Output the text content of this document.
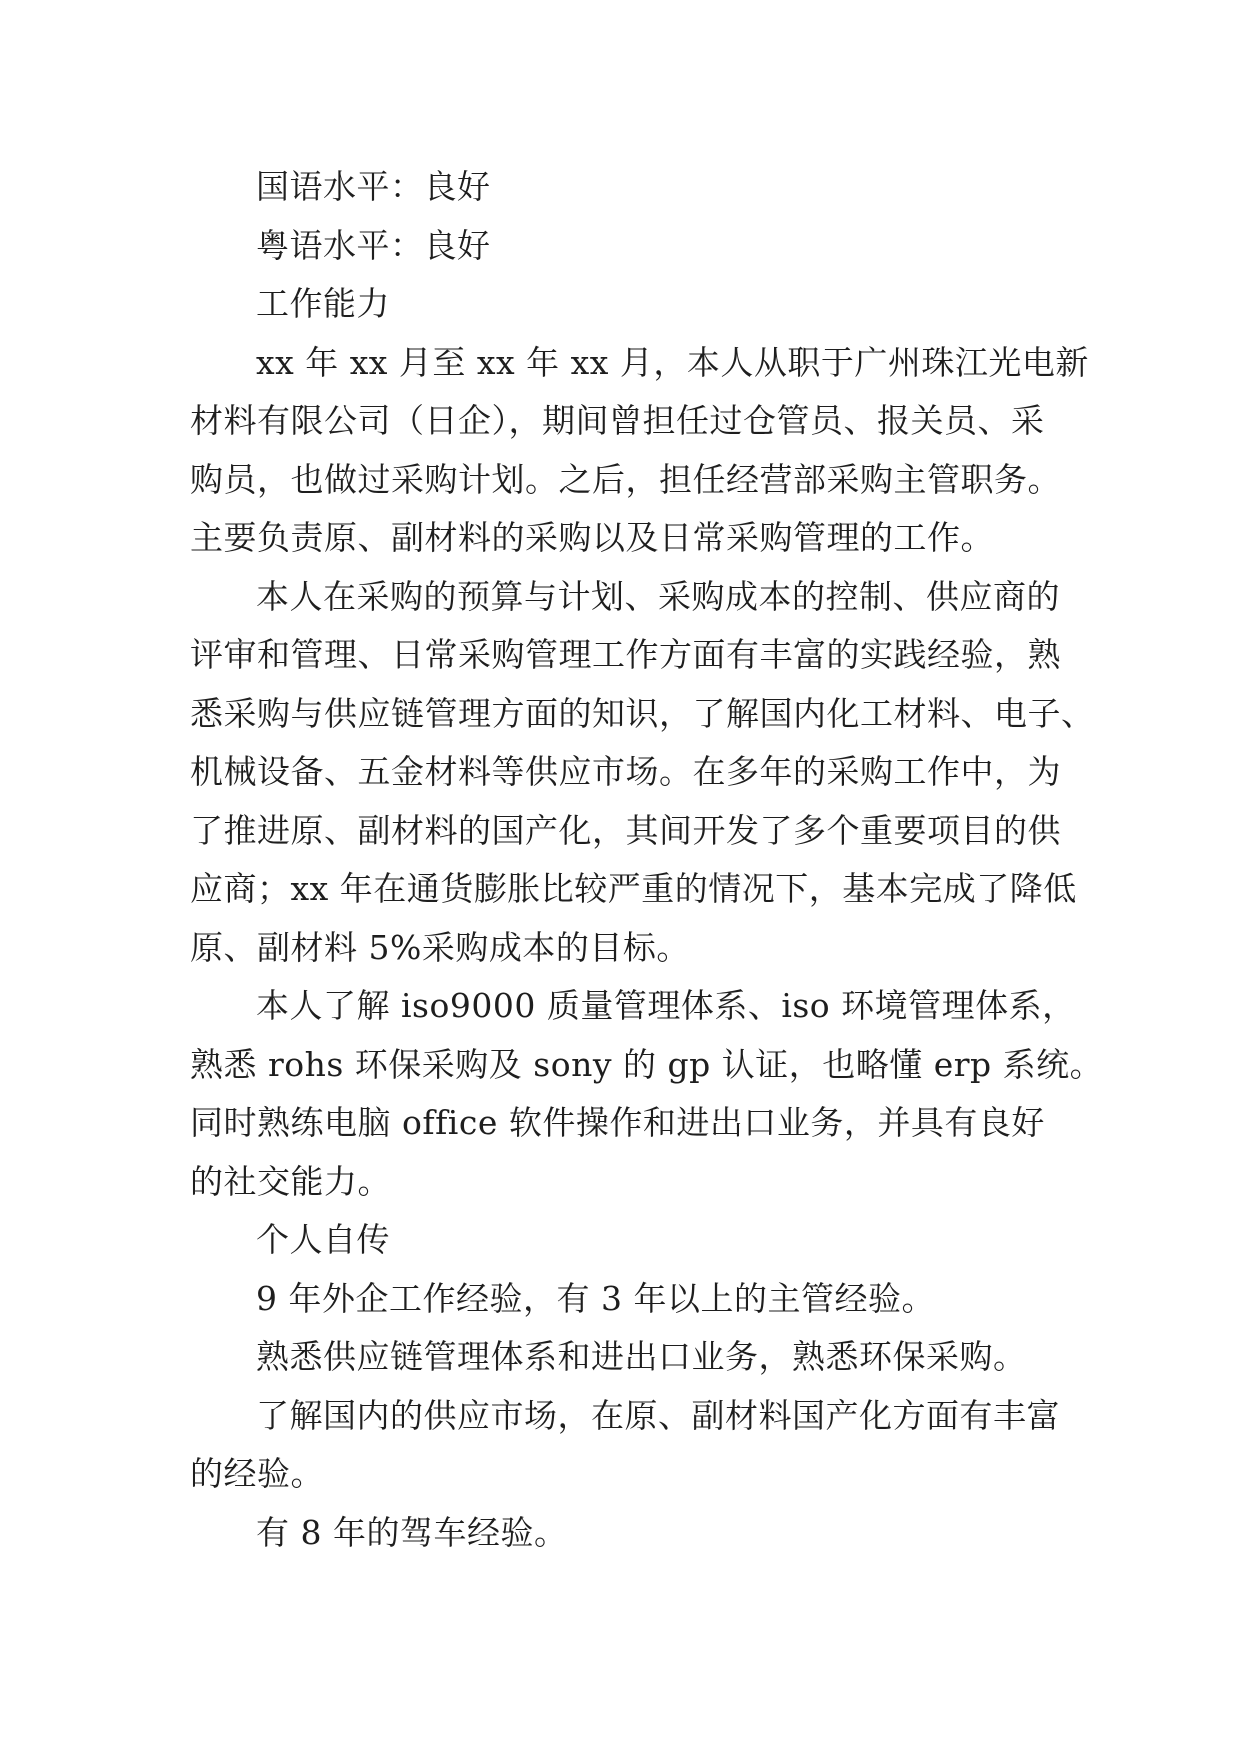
国语水平：良好
粤语水平：良好
工作能力
xx 年 xx 月至 xx 年 xx 月，本人从职于广州珠江光电新
材料有限公司（日企），期间曾担任过仓管员、报关员、采
购员，也做过采购计划。之后，担任经营部采购主管职务。
主要负责原、副材料的采购以及日常采购管理的工作。
本人在采购的预算与计划、采购成本的控制、供应商的
评审和管理、日常采购管理工作方面有丰富的实践经验，熟
悉采购与供应链管理方面的知识，了解国内化工材料、电子、
机械设备、五金材料等供应市场。在多年的采购工作中，为
了推进原、副材料的国产化，其间开发了多个重要项目的供
应商；xx 年在通货膨胀比较严重的情况下，基本完成了降低
原、副材料 5%采购成本的目标。
本人了解 iso9000 质量管理体系、iso 环境管理体系，
熟悉 rohs 环保采购及 sony 的 gp 认证，也略懂 erp 系统。
同时熟练电脑 office 软件操作和进出口业务，并具有良好
的社交能力。
个人自传
9 年外企工作经验，有 3 年以上的主管经验。
熟悉供应链管理体系和进出口业务，熟悉环保采购。
了解国内的供应市场，在原、副材料国产化方面有丰富
的经验。
有 8 年的驾车经验。
